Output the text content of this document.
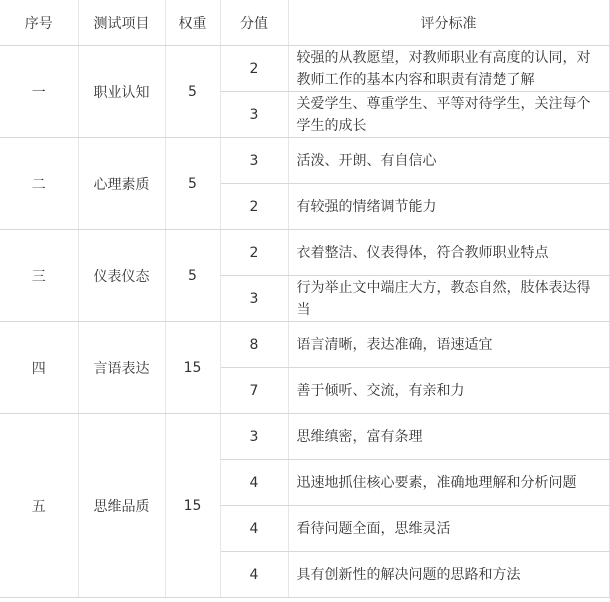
序号	测试项目	权重	分值	评分标准
一	职业认知	5	2	较强的从教愿望，对教师职业有高度的认同，对教师工作的基本内容和职责有清楚了解
			3	关爱学生、尊重学生、平等对待学生，关注每个学生的成长
二	心理素质	5	3	活泼、开朗、有自信心
			2	有较强的情绪调节能力
三	仪表仪态	5	2	衣着整洁、仪表得体，符合教师职业特点
			3	行为举止文中端庄大方，教态自然，肢体表达得当
四	言语表达	15	8	语言清晰，表达准确，语速适宜
			7	善于倾听、交流，有亲和力
五	思维品质	15	3	思维缜密，富有条理
			4	迅速地抓住核心要素，准确地理解和分析问题
			4	看待问题全面，思维灵活
			4	具有创新性的解决问题的思路和方法
